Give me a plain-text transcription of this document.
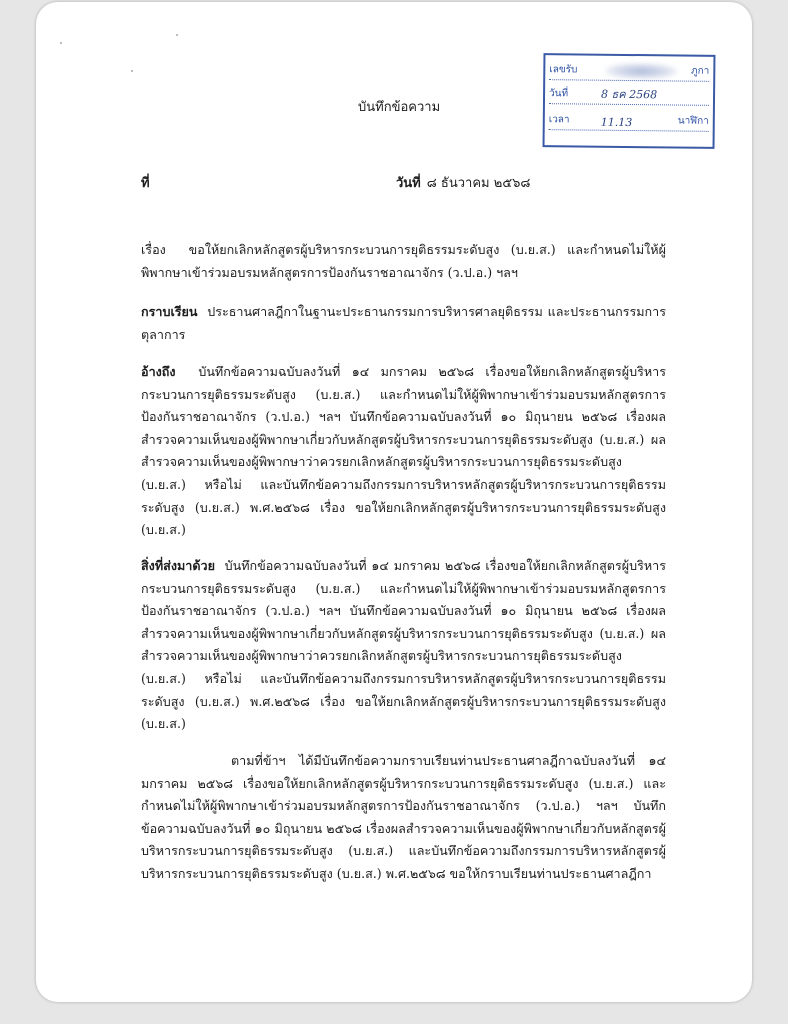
บันทึกข้อความ
เลขรับ	ภูกา
วันที่	8 ธค 2568
เวลา	11.13	นาฬิกา
ที่	วันที่ ๘ ธันวาคม ๒๕๖๘
เรื่อง ขอให้ยกเลิกหลักสูตรผู้บริหารกระบวนการยุติธรรมระดับสูง (บ.ย.ส.) และกำหนดไม่ให้ผู้พิพากษาเข้าร่วมอบรมหลักสูตรการป้องกันราชอาณาจักร (ว.ป.อ.) ฯลฯ
กราบเรียน ประธานศาลฎีกาในฐานะประธานกรรมการบริหารศาลยุติธรรม และประธานกรรมการตุลาการ
อ้างถึง บันทึกข้อความฉบับลงวันที่ ๑๔ มกราคม ๒๕๖๘ เรื่องขอให้ยกเลิกหลักสูตรผู้บริหารกระบวนการยุติธรรมระดับสูง (บ.ย.ส.) และกำหนดไม่ให้ผู้พิพากษาเข้าร่วมอบรมหลักสูตรการป้องกันราชอาณาจักร (ว.ป.อ.) ฯลฯ บันทึกข้อความฉบับลงวันที่ ๑๐ มิถุนายน ๒๕๖๘ เรื่องผลสำรวจความเห็นของผู้พิพากษาเกี่ยวกับหลักสูตรผู้บริหารกระบวนการยุติธรรมระดับสูง (บ.ย.ส.) ผลสำรวจความเห็นของผู้พิพากษาว่าควรยกเลิกหลักสูตรผู้บริหารกระบวนการยุติธรรมระดับสูง (บ.ย.ส.) หรือไม่ และบันทึกข้อความถึงกรรมการบริหารหลักสูตรผู้บริหารกระบวนการยุติธรรมระดับสูง (บ.ย.ส.) พ.ศ.๒๕๖๘ เรื่อง ขอให้ยกเลิกหลักสูตรผู้บริหารกระบวนการยุติธรรมระดับสูง (บ.ย.ส.)
สิ่งที่ส่งมาด้วย บันทึกข้อความฉบับลงวันที่ ๑๔ มกราคม ๒๕๖๘ เรื่องขอให้ยกเลิกหลักสูตรผู้บริหารกระบวนการยุติธรรมระดับสูง (บ.ย.ส.) และกำหนดไม่ให้ผู้พิพากษาเข้าร่วมอบรมหลักสูตรการป้องกันราชอาณาจักร (ว.ป.อ.) ฯลฯ บันทึกข้อความฉบับลงวันที่ ๑๐ มิถุนายน ๒๕๖๘ เรื่องผลสำรวจความเห็นของผู้พิพากษาเกี่ยวกับหลักสูตรผู้บริหารกระบวนการยุติธรรมระดับสูง (บ.ย.ส.) ผลสำรวจความเห็นของผู้พิพากษาว่าควรยกเลิกหลักสูตรผู้บริหารกระบวนการยุติธรรมระดับสูง (บ.ย.ส.) หรือไม่ และบันทึกข้อความถึงกรรมการบริหารหลักสูตรผู้บริหารกระบวนการยุติธรรมระดับสูง (บ.ย.ส.) พ.ศ.๒๕๖๘ เรื่อง ขอให้ยกเลิกหลักสูตรผู้บริหารกระบวนการยุติธรรมระดับสูง (บ.ย.ส.)
ตามที่ข้าฯ ได้มีบันทึกข้อความกราบเรียนท่านประธานศาลฎีกาฉบับลงวันที่ ๑๔ มกราคม ๒๕๖๘ เรื่องขอให้ยกเลิกหลักสูตรผู้บริหารกระบวนการยุติธรรมระดับสูง (บ.ย.ส.) และกำหนดไม่ให้ผู้พิพากษาเข้าร่วมอบรมหลักสูตรการป้องกันราชอาณาจักร (ว.ป.อ.) ฯลฯ บันทึกข้อความฉบับลงวันที่ ๑๐ มิถุนายน ๒๕๖๘ เรื่องผลสำรวจความเห็นของผู้พิพากษาเกี่ยวกับหลักสูตรผู้บริหารกระบวนการยุติธรรมระดับสูง (บ.ย.ส.) และบันทึกข้อความถึงกรรมการบริหารหลักสูตรผู้บริหารกระบวนการยุติธรรมระดับสูง (บ.ย.ส.) พ.ศ.๒๕๖๘ ขอให้กราบเรียนท่านประธานศาลฎีกา
